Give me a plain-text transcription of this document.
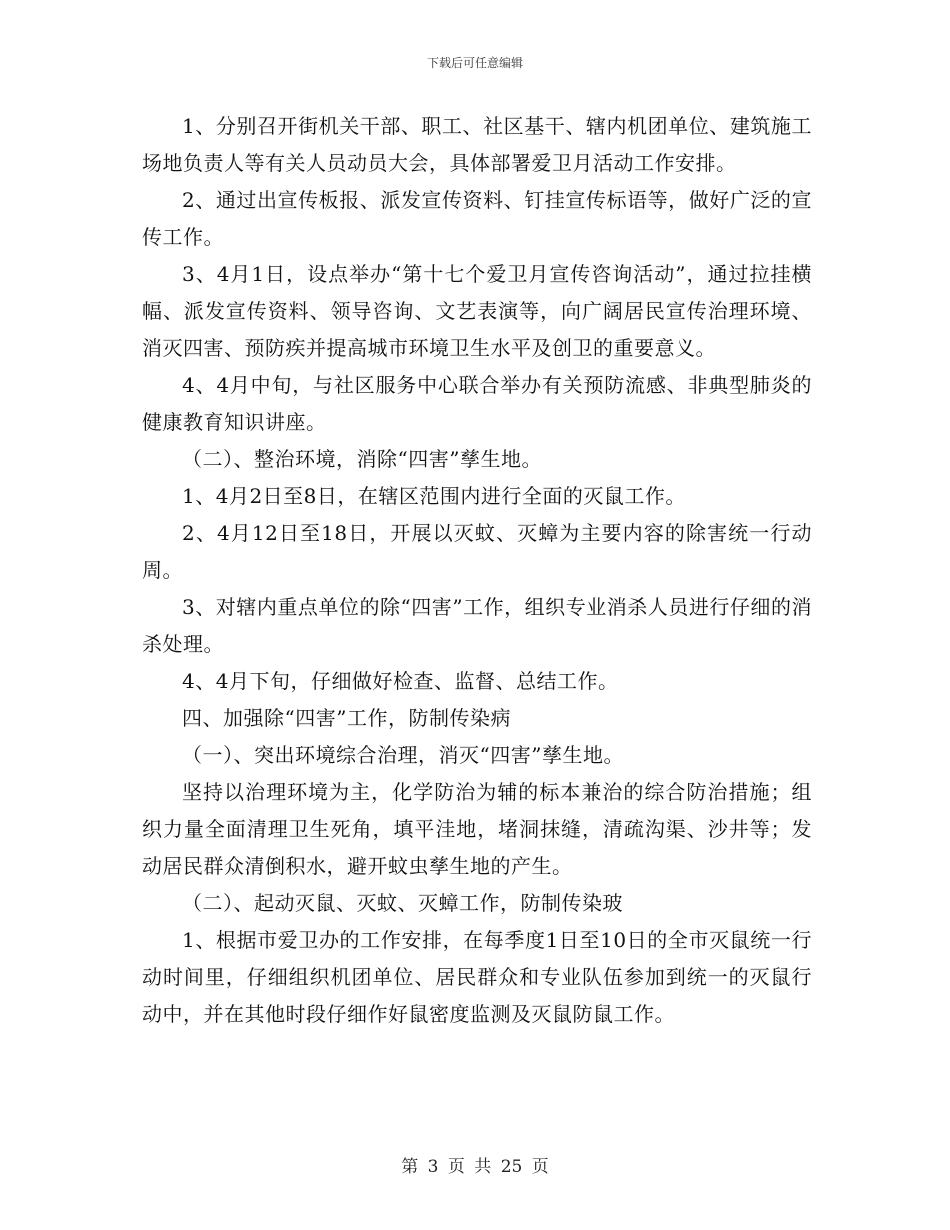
下载后可任意编辑

1、分别召开街机关干部、职工、社区基干、辖内机团单位、建筑施工场地负责人等有关人员动员大会，具体部署爱卫月活动工作安排。

2、通过出宣传板报、派发宣传资料、钉挂宣传标语等，做好广泛的宣传工作。

3、4月1日，设点举办“第十七个爱卫月宣传咨询活动”，通过拉挂横幅、派发宣传资料、领导咨询、文艺表演等，向广阔居民宣传治理环境、消灭四害、预防疾并提高城市环境卫生水平及创卫的重要意义。

4、4月中旬，与社区服务中心联合举办有关预防流感、非典型肺炎的健康教育知识讲座。

（二）、整治环境，消除“四害”孳生地。

1、4月2日至8日，在辖区范围内进行全面的灭鼠工作。

2、4月12日至18日，开展以灭蚊、灭蟑为主要内容的除害统一行动周。

3、对辖内重点单位的除“四害”工作，组织专业消杀人员进行仔细的消杀处理。

4、4月下旬，仔细做好检查、监督、总结工作。

四、加强除“四害”工作，防制传染病

（一）、突出环境综合治理，消灭“四害”孳生地。

坚持以治理环境为主，化学防治为辅的标本兼治的综合防治措施；组织力量全面清理卫生死角，填平洼地，堵洞抹缝，清疏沟渠、沙井等；发动居民群众清倒积水，避开蚊虫孳生地的产生。

（二）、起动灭鼠、灭蚊、灭蟑工作，防制传染玻

1、根据市爱卫办的工作安排，在每季度1日至10日的全市灭鼠统一行动时间里，仔细组织机团单位、居民群众和专业队伍参加到统一的灭鼠行动中，并在其他时段仔细作好鼠密度监测及灭鼠防鼠工作。

第 3 页 共 25 页
